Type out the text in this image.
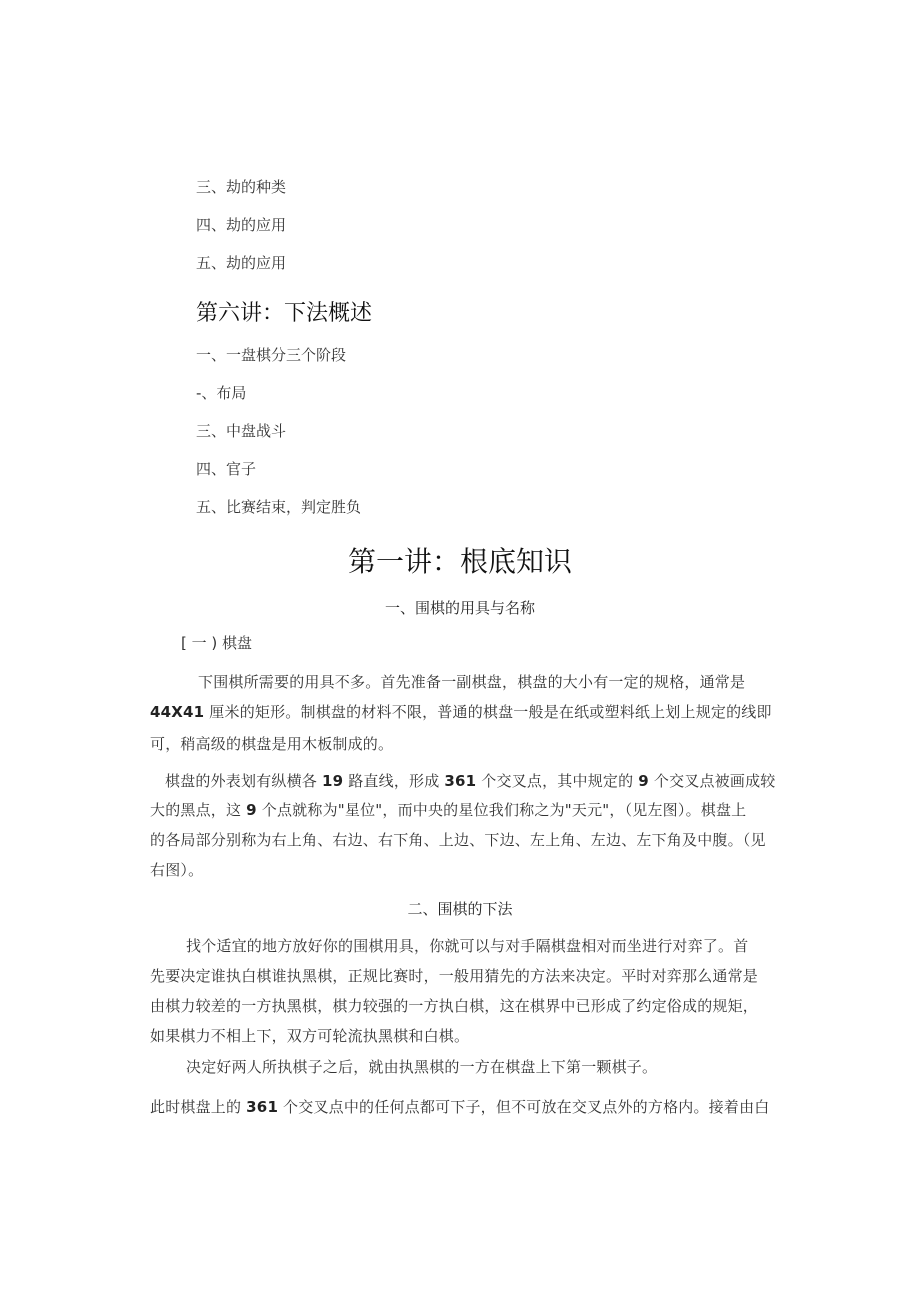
三、劫的种类
四、劫的应用
五、劫的应用
第六讲：下法概述
一、一盘棋分三个阶段
-、布局
三、中盘战斗
四、官子
五、比赛结束，判定胜负
第一讲：根底知识
一、围棋的用具与名称
[ 一 ) 棋盘
下围棋所需要的用具不多。首先准备一副棋盘，棋盘的大小有一定的规格，通常是
44X41 厘米的矩形。制棋盘的材料不限，普通的棋盘一般是在纸或塑料纸上划上规定的线即
可，稍高级的棋盘是用木板制成的。
棋盘的外表划有纵横各 19 路直线，形成 361 个交叉点，其中规定的 9 个交叉点被画成较
大的黑点，这 9 个点就称为"星位"，而中央的星位我们称之为"天元"，（见左图）。棋盘上
的各局部分别称为右上角、右边、右下角、上边、下边、左上角、左边、左下角及中腹。（见
右图）。
二、围棋的下法
找个适宜的地方放好你的围棋用具，你就可以与对手隔棋盘相对而坐进行对弈了。首
先要决定谁执白棋谁执黑棋，正规比赛时，一般用猜先的方法来决定。平时对弈那么通常是
由棋力较差的一方执黑棋，棋力较强的一方执白棋，这在棋界中已形成了约定俗成的规矩，
如果棋力不相上下，双方可轮流执黑棋和白棋。
决定好两人所执棋子之后，就由执黑棋的一方在棋盘上下第一颗棋子。
此时棋盘上的 361 个交叉点中的任何点都可下子，但不可放在交叉点外的方格内。接着由白
